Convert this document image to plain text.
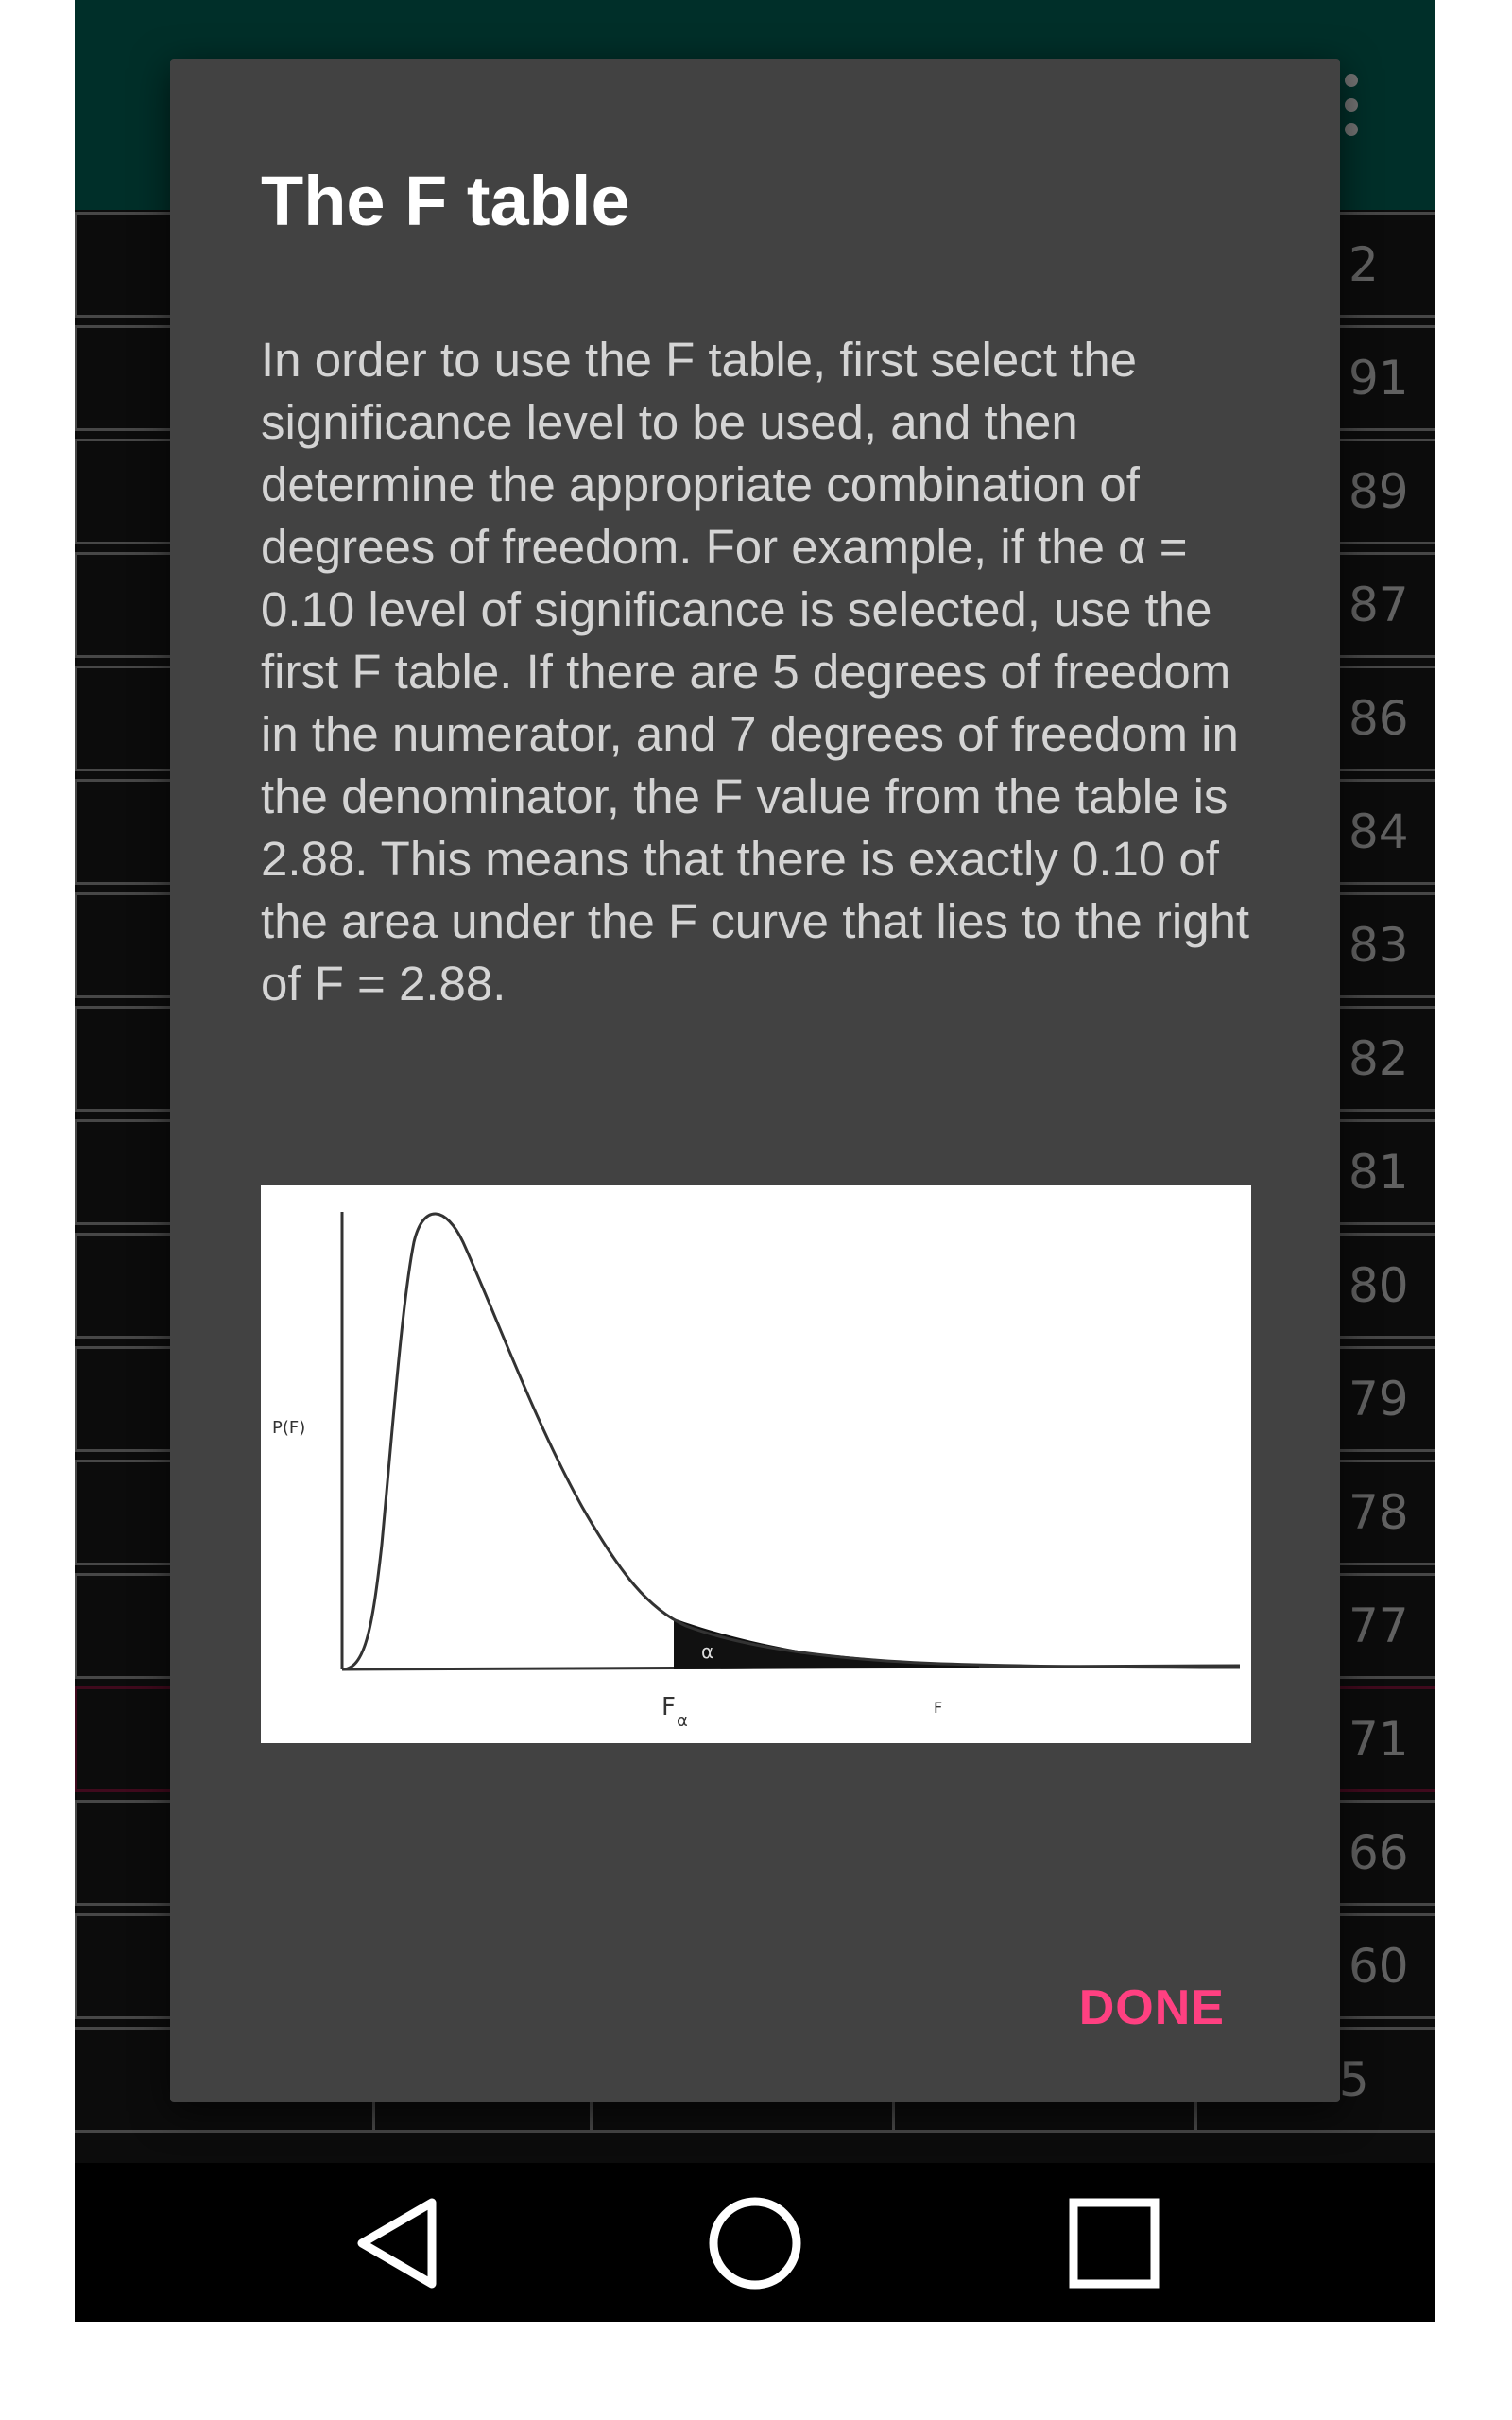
The F table

In order to use the F table, first select the significance level to be used, and then determine the appropriate combination of degrees of freedom. For example, if the α = 0.10 level of significance is selected, use the first F table. If there are 5 degrees of freedom in the numerator, and 7 degrees of freedom in the denominator, the F value from the table is 2.88. This means that there is exactly 0.10 of the area under the F curve that lies to the right of F = 2.88.

P(F)
α
F α
F
DONE
